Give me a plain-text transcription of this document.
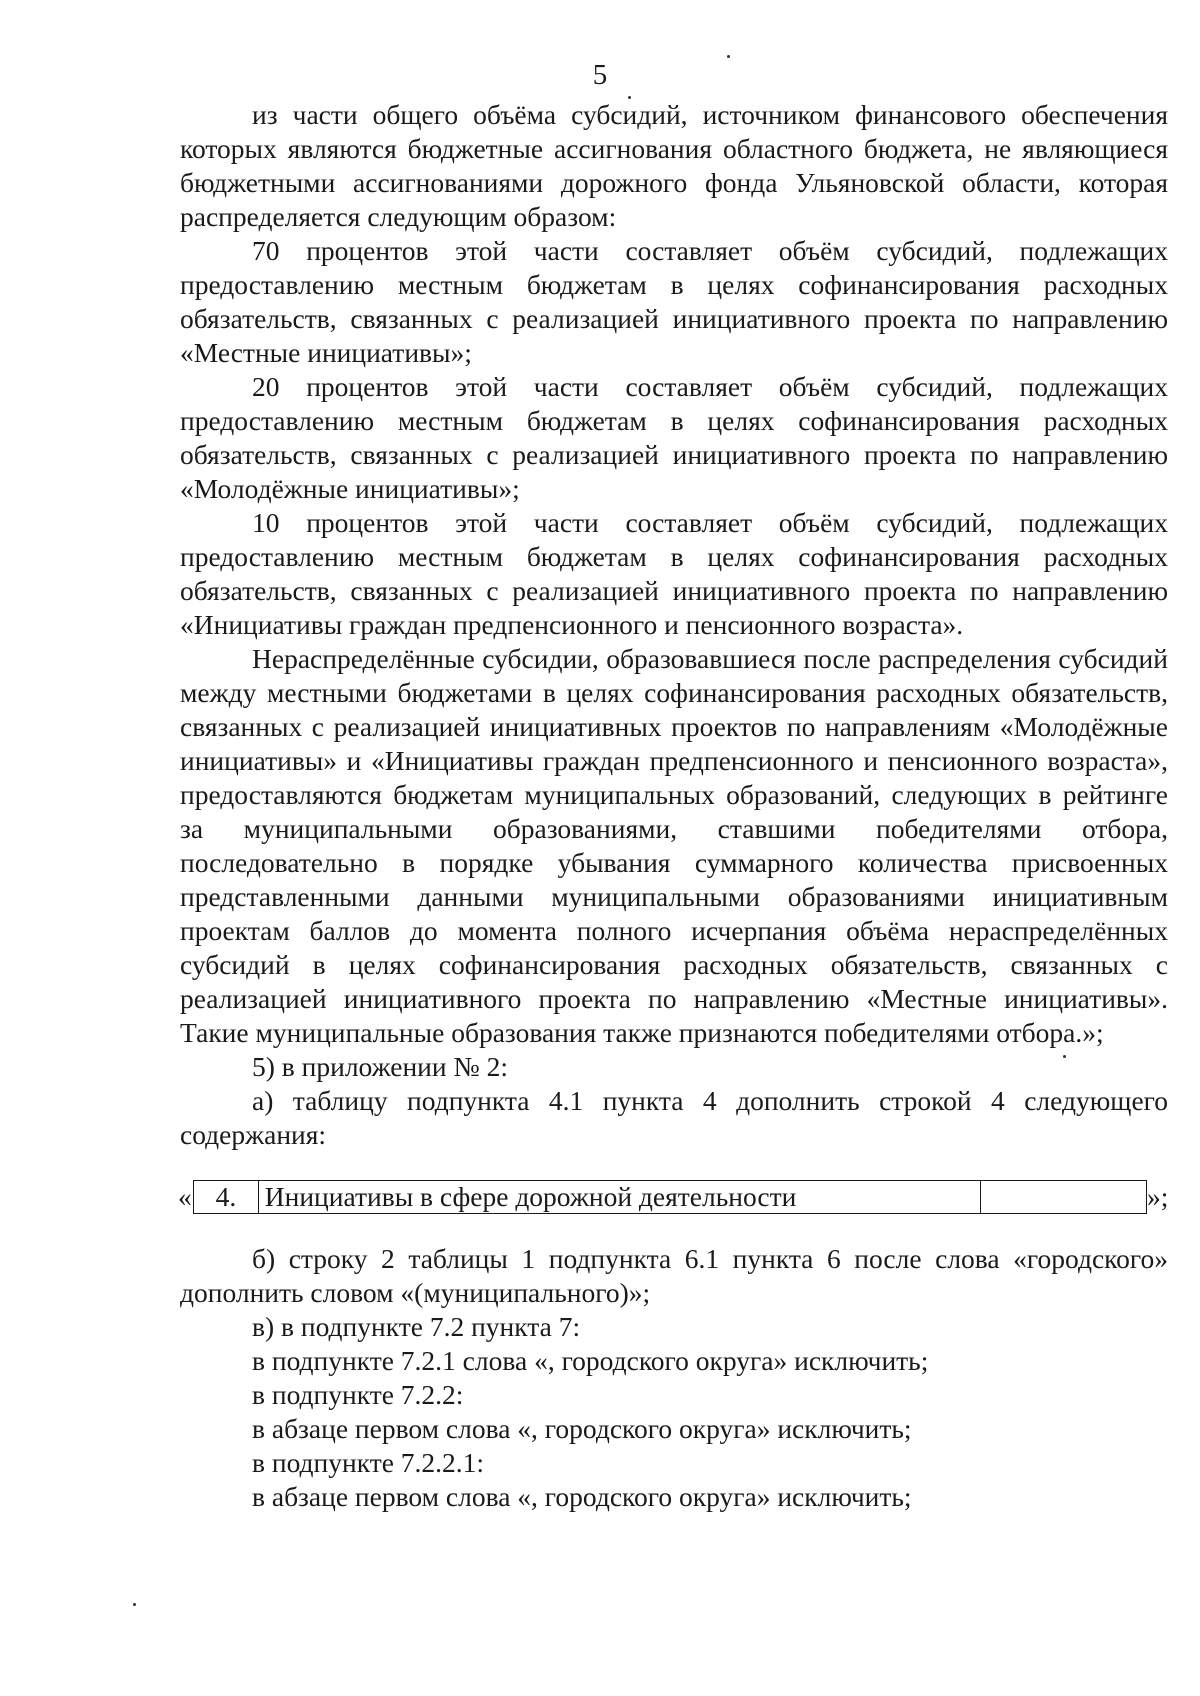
5

из части общего объёма субсидий, источником финансового обеспечения которых являются бюджетные ассигнования областного бюджета, не являющиеся бюджетными ассигнованиями дорожного фонда Ульяновской области, которая распределяется следующим образом:

70 процентов этой части составляет объём субсидий, подлежащих предоставлению местным бюджетам в целях софинансирования расходных обязательств, связанных с реализацией инициативного проекта по направлению «Местные инициативы»;

20 процентов этой части составляет объём субсидий, подлежащих предоставлению местным бюджетам в целях софинансирования расходных обязательств, связанных с реализацией инициативного проекта по направлению «Молодёжные инициативы»;

10 процентов этой части составляет объём субсидий, подлежащих предоставлению местным бюджетам в целях софинансирования расходных обязательств, связанных с реализацией инициативного проекта по направлению «Инициативы граждан предпенсионного и пенсионного возраста».

Нераспределённые субсидии, образовавшиеся после распределения субсидий между местными бюджетами в целях софинансирования расходных обязательств, связанных с реализацией инициативных проектов по направлениям «Молодёжные инициативы» и «Инициативы граждан предпенсионного и пенсионного возраста», предоставляются бюджетам муниципальных образований, следующих в рейтинге за муниципальными образованиями, ставшими победителями отбора, последовательно в порядке убывания суммарного количества присвоенных представленными данными муниципальными образованиями инициативным проектам баллов до момента полного исчерпания объёма нераспределённых субсидий в целях софинансирования расходных обязательств, связанных с реализацией инициативного проекта по направлению «Местные инициативы». Такие муниципальные образования также признаются победителями отбора.»;

5) в приложении № 2:

а) таблицу подпункта 4.1 пункта 4 дополнить строкой 4 следующего содержания:

« 4.	Инициативы в сфере дорожной деятельности		»;

б) строку 2 таблицы 1 подпункта 6.1 пункта 6 после слова «городского» дополнить словом «(муниципального)»;

в) в подпункте 7.2 пункта 7:

в подпункте 7.2.1 слова «, городского округа» исключить;

в подпункте 7.2.2:

в абзаце первом слова «, городского округа» исключить;

в подпункте 7.2.2.1:

в абзаце первом слова «, городского округа» исключить;
